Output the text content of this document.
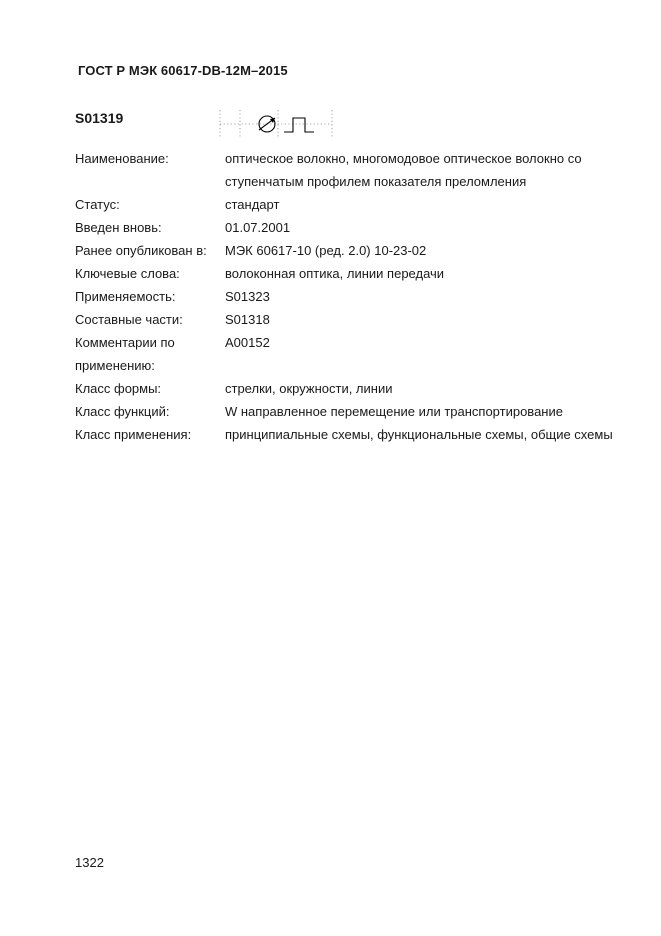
ГОСТ Р МЭК 60617-DB-12M–2015
S01319
Наименование:	оптическое волокно, многомодовое оптическое волокно со ступенчатым профилем показателя преломления
Статус:	стандарт
Введен вновь:	01.07.2001
Ранее опубликован в:	МЭК 60617-10 (ред. 2.0) 10-23-02
Ключевые слова:	волоконная оптика, линии передачи
Применяемость:	S01323
Составные части:	S01318
Комментарии по применению:
A00152
Класс формы:	стрелки, окружности, линии
Класс функций:	W направленное перемещение или транспортирование
Класс применения:	принципиальные схемы, функциональные схемы, общие схемы
1322
